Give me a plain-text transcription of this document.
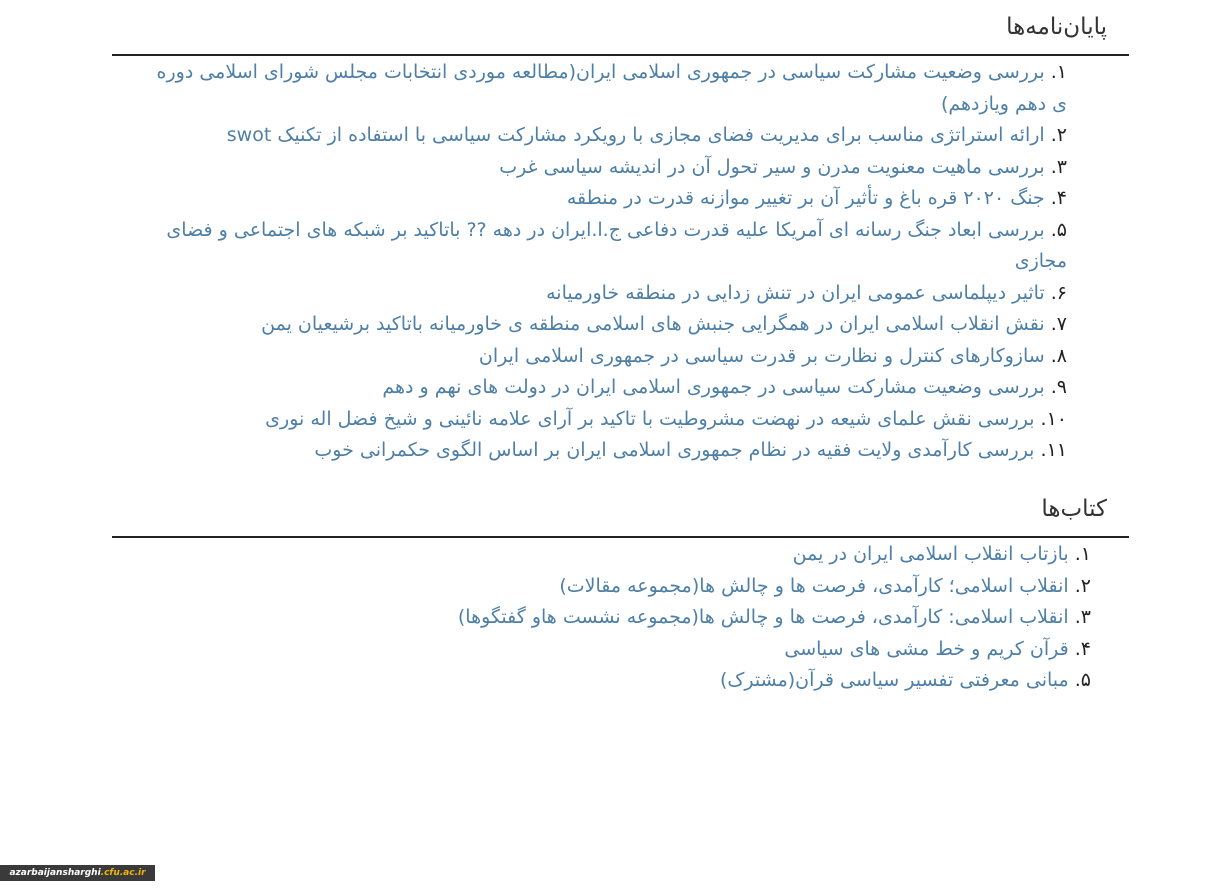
پایان‌نامه‌ها
۱. بررسی وضعیت مشارکت سیاسی در جمهوری اسلامی ایران(مطالعه موردی انتخابات مجلس شورای اسلامی دوره ی دهم ویازدهم)
۲. ارائه استراتژی مناسب برای مدیریت فضای مجازی با رویکرد مشارکت سیاسی با استفاده از تکنیک swot
۳. بررسی ماهیت معنویت مدرن و سیر تحول آن در اندیشه سیاسی غرب
۴. جنگ ۲۰۲۰ قره باغ و تأثیر آن بر تغییر موازنه قدرت در منطقه
۵. بررسی ابعاد جنگ رسانه ای آمریکا علیه قدرت دفاعی ج.ا.ایران در دهه ?? باتاکید بر شبکه های اجتماعی و فضای مجازی
۶. تاثیر دیپلماسی عمومی ایران در تنش زدایی در منطقه خاورمیانه
۷. نقش انقلاب اسلامی ایران در همگرایی جنبش های اسلامی منطقه ی خاورمیانه باتاکید برشیعیان یمن
۸. سازوکارهای کنترل و نظارت بر قدرت سیاسی در جمهوری اسلامی ایران
۹. بررسی وضعیت مشارکت سیاسی در جمهوری اسلامی ایران در دولت های نهم و دهم
۱۰. بررسی نقش علمای شیعه در نهضت مشروطیت با تاکید بر آرای علامه نائینی و شیخ فضل اله نوری
۱۱. بررسی کارآمدی ولایت فقیه در نظام جمهوری اسلامی ایران بر اساس الگوی حکمرانی خوب
کتاب‌ها
۱. بازتاب انقلاب اسلامی ایران در یمن
۲. انقلاب اسلامی؛ کارآمدی، فرصت ها و چالش ها(مجموعه مقالات)
۳. انقلاب اسلامی: کارآمدی، فرصت ها و چالش ها(مجموعه نشست هاو گفتگوها)
۴. قرآن کریم و خط مشی های سیاسی
۵. مبانی معرفتی تفسیر سیاسی قرآن(مشترک)
azarbaijansharghi.cfu.ac.ir
